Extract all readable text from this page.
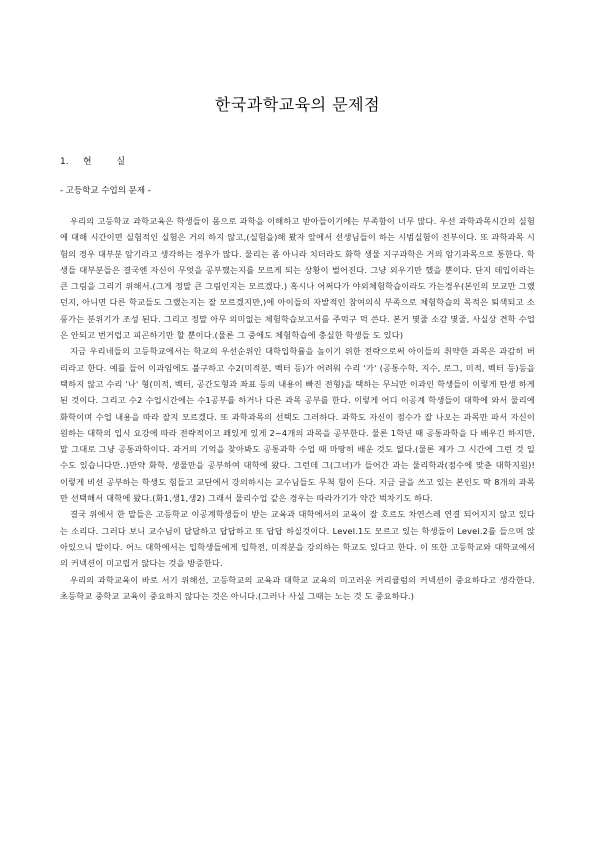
한국과학교육의 문제점
1. 현 실
- 고등학교 수업의 문제 -

우리의 고등학교 과학교육은 학생들이 몸으로 과학을 이해하고 받아들이기에는 부족함이 너무 많다. 우선 과학과목시간의 실험에 대해 시간이면 실험적인 실험은 거의 하지 않고,(실험을)해 봤자 앞에서 선생님들이 하는 시범실험이 전부이다. 또 과학과목 시험의 경우 대부분 암기라고 생각하는 경우가 많다. 물리는 좀 아니라 치더라도 화학 생물 지구과학은 거의 암기과목으로 통한다. 학생들 대부분들은 결국엔 자신이 무엇을 공부했는지를 모르게 되는 상황이 벌어진다. 그냥 외우기만 했을 뿐이다. 단지 데입이라는 큰 그림을 그리기 위해서.(그게 정말 큰 그림인지는 모르겠다.) 혹시나 어쩌다가 야외체험학습이라도 가는경우(본인의 모교만 그랬던지, 아니면 다른 학교들도 그랬는지는 잘 모르겠지만,)에 아이들의 자발적인 참여의식 부족으로 체험학습의 목적은 퇴색되고 소풍가는 분위기가 조성 된다. 그리고 정말 아무 의미없는 체험학습보고서를 주먹구 먹 쓴다. 본거 몇줄 소감 몇줄, 사실상 견학 수업은 안되고 번거럽고 피곤하기만 할 뿐이다.(물론 그 중에도 체험학습에 충실한 학생들 도 있다)

지금 우리네들의 고등학교에서는 학교의 우선순위인 대학입학률을 높이기 위한 전략으로써 아이들의 취약한 과목은 과감히 버리라고 한다. 예를 들어 이과임에도 불구하고 수2(미적분, 벡터 등)가 어려워 수리 '가' (공통수학, 지수, 로그, 미적, 벡터 등)등을 택하지 않고 수리 '나' 형(미적, 벡터, 공간도형과 좌표 등의 내용이 빠진 전형)을 택하는 무늬만 이과인 학생들이 이렇게 탄생 하게 된 것이다. 그리고 수2 수업시간에는 수1공부를 하거나 다른 과목 공부를 한다. 이렇게 어디 이공계 학생들이 대학에 와서 물리에 화학이며 수업 내용을 따라 잘지 모르겠다. 또 과학과목의 선택도 그러하다. 과학도 자신이 점수가 잘 나오는 과목만 파서 자신이 원하는 대학의 입시 요강에 따라 전략적이고 꽤있게 있게 2~4개의 과목을 공부한다. 물론 1학년 때 공통과학을 다 배우긴 하지만, 말 그대로 그냥 공통과학이다. 과거의 기억을 찾아봐도 공통과학 수업 때 마땅히 배운 것도 없다.(물론 제가 그 시간에 그런 것 일 수도 있습니다만..)만약 화학, 생물만을 공부하여 대학에 왔다. 그런데 그(그녀)가 들어간 과는 물리학과(점수에 맞춘 대학지원)! 이렇게 비선 공부하는 학생도 힘들고 교단에서 강의하시는 교수님들도 무척 힘이 든다. 지금 글을 쓰고 있는 본인도 딱 8개의 과목만 선택해서 대학에 왔다.(화1,생1,생2) 그래서 물리수업 같은 경우는 따라가기가 약간 벅차기도 하다.

결국 위에서 한 말들은 고등학교 이공계학생들이 받는 교육과 대학에서의 교육이 잘 호르도 차연스레 연결 되어지지 않고 있다는 소리다. 그러다 보니 교수님이 답답하고 답답하고 또 답답 하실것이다. Level.1도 모르고 있는 학생들이 Level.2를 들으며 앉아있으니 말이다. 어느 대학에서는 입학생들에게 입학전, 미적분을 강의하는 학교도 있다고 한다. 이 또한 고등학교와 대학교에서의 커넥션이 미고립거 않다는 것을 방증한다.

우리의 과학교육이 바로 서기 위해선, 고등학교의 교육과 대학교 교육의 미고러운 커리큘럼의 커넥션이 중요하다고 생각한다. 초등학교 중학교 교육이 중요하지 않다는 것은 아니다.(그러나 사실 그때는 노는 것 도 중요하다.)
